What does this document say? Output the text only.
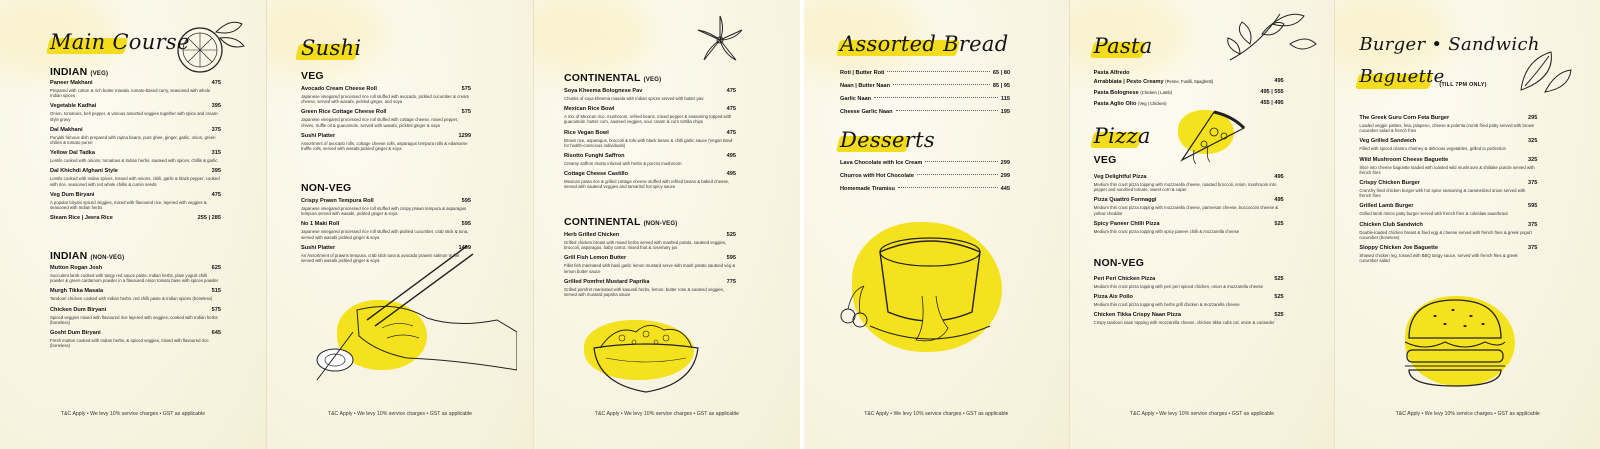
Main Course
INDIAN (VEG)
Paneer Makhani	475
Prepared with cotton & rich butter masala, tomato-based curry, seasoned with whole Indian spices
Vegetable Kadhai	395
Onion, tomatoes, bell pepper, & various assorted veggies together with spice and cream-style gravy
Dal Makhani	375
Punjabi famous dish prepared with rajma beans, pure ghee, ginger, garlic, onion, green chilies & tomato puree
Yellow Dal Tadka	315
Lentils cooked with onions, tomatoes & Indian herbs, sauteed with spices, chillis & garlic
Dal Khichdi Afghani Style	395
Lentils cooked with Indian spices, tossed with onions, chilli, garlic & black pepper, cooked with rice, seasoned with red whole chillis & cumin seeds
Veg Dum Biryani	475
A popular biryani spiced veggies, mixed with flavoured rice, layered with veggies & seasoned with Indian herbs
Steam Rice | Jeera Rice	255 | 285
INDIAN (NON-VEG)
Mutton Rogan Josh	625
Succulent lamb cooked with tangy red sauce paste, Indian herbs, plain yogurt chilli powder & green cardamom powder in a flavoured onion tomato base with spices powder
Murgh Tikka Masala	515
Tandoori chicken cooked with Indian herbs, red chilli paste & Indian spices (boneless)
Chicken Dum Biryani	575
Spiced veggies mixed with flavoured rice layered with veggies, cooked with Indian herbs (boneless)
Gosht Dum Biryani	645
Fresh mutton cooked with Indian herbs, & spiced veggies, mixed with flavoured rice (boneless)
T&C Apply • We levy 10% service charges • GST as applicable
Sushi
VEG
Avocado Cream Cheese Roll	575
Japanese vinegared processed rice roll stuffed with avocado, pickled cucumber & cream cheese, served with wasabi, pickled ginger, and soya
Green Rice Cottage Cheese Roll	575
Japanese vinegared processed rice roll stuffed with cottage cheese, mixed pepper, chives, truffle oil & guacamole, served with wasabi, pickled ginger & soya
Sushi Platter	1299
Assortment of avocado rolls, cottage cheese rolls, asparagus tempura rolls & edamame truffle rolls, served with wasabi pickled ginger & soya
NON-VEG
Crispy Prawn Tempura Roll	595
Japanese vinegared processed rice roll stuffed with crispy prawn tempura & asparagus tempura served with wasabi, pickled ginger & soya
No 1 Maki Roll	595
Japanese vinegared processed rice roll stuffed with pickled cucumber, crab stick & tuna, served with wasabi pickled ginger & soya
Sushi Platter	1499
An Assortment of prawns tempura, crab stick tuna & avocado prawns salmon truffle served with wasabi pickled ginger & soya
T&C Apply • We levy 10% service charges • GST as applicable
CONTINENTAL (VEG)
Soya Kheema Bolognese Pav	475
Chunks of soya kheema masala with Indian spices served with butter pav
Mexican Rice Bowl	475
A mix of Mexican rice, mushroom, refried beans, mixed pepper & seasoning topped with guacamole, butter corn, sauteed veggies, sour cream & corn tortilla chips
Rice Vegan Bowl	475
Brown rice, asparagus, broccoli & tofu with black beans & chilli garlic sauce (Vegan Bowl for health-conscious individuals)
Risotto Funghi Saffron	495
Creamy saffron risotto infused with herbs & porcini mushroom
Cottage Cheese Castillo	495
Mexican pasta rice & grilled cottage cheese stuffed with refried beans & baked cheese, served with sauteed veggies and tamarind hot spicy sauce
CONTINENTAL (NON-VEG)
Herb Grilled Chicken	525
Grilled chicken breast with mixed herbs served with mashed potato, sauteed veggies, broccoli, asparagus, baby carrot, mixed fruit & rosemary jus
Grill Fish Lemon Butter	595
Fillet fish marinated with basil garlic lemon mustard serve with mash potato sauteed veg & lemon butter sauce
Grilled Pomfret Mustard Paprika	775
Grilled pomfret marinated with kasundi herbs, lemon, butter rose & sauteed veggies, served with mustard paprika sauce
T&C Apply • We levy 10% service charges • GST as applicable
Assorted Bread
Roti | Butter Roti	65 | 80
Naan | Butter Naan	85 | 95
Garlic Naan	115
Cheese Garlic Naan	195
Desserts
Lava Chocolate with Ice Cream	299
Churros with Hot Chocolate	299
Homemade Tiramisu	445
T&C Apply • We levy 10% service charges • GST as applicable
Pasta
Pasta Alfredo
Arrabbiata | Pesto Creamy (Penne, Fusilli, Spaghetti)	495
Pasta Bolognese (Chicken | Lamb)	495 | 555
Pasta Aglio Olio (Veg | Chicken)	455 | 495
Pizza
VEG
Veg Delightful Pizza	495
Medium thin crust pizza topping with mozzarella cheese, roasted broccoli, onion, mushroom into pepper and sundried tomato, sweet corn & caper
Pizza Quattro Formaggi	495
Medium thin crust pizza topping with mozzarella cheese, parmesan cheese, boccoccini cheese & yellow cheddar
Spicy Paneer Chilli Pizza	525
Medium thin crust pizza topping with spicy paneer chilli & mozzarella cheese
NON-VEG
Peri Peri Chicken Pizza	525
Medium thin crust pizza topping with peri peri spiced chicken, onion & mozzarella cheese
Pizza Aix Pollo	525
Medium thin crust pizza topping with herbs grill chicken & mozzarella cheese
Chicken Tikka Crispy Naan Pizza	525
Crispy tandoori naan topping with mozzarella cheese, chicken tikka cubs cal, onion & coriander
T&C Apply • We levy 10% service charges • GST as applicable
Burger • Sandwich
Baguette
(TILL 7PM ONLY)
The Greek Guru Corn Feta Burger	295
Loaded veggie patties, feta, jalapeno, cheese & polenta crumb fried patty served with brown cucumber salad & french fries
Veg Grilled Sandwich	325
Filled with spiced cilantro chutney & delicious vegetables, grilled to perfection
Wild Mushroom Cheese Baguette	325
Slice into cheese baguette loaded with toasted wild mushroom & shiitake puncle served with french fries
Crispy Chicken Burger	375
Crunchy fried chicken burger with hot spice seasoning & caramelized onion served with french fries
Grilled Lamb Burger	595
Grilled lamb mince patty burger served with french fries & coleslaw sauerkraut
Chicken Club Sandwich	375
Double-loaded chicken breast & fried egg & cheese served with french fries & greek yogurt cucumber (boneless)
Sloppy Chicken Joe Baguette	375
Shaved chicken leg, tossed with BBQ tangy sauce, served with french fries & greek cucumber salad
T&C Apply • We levy 10% service charges • GST as applicable
